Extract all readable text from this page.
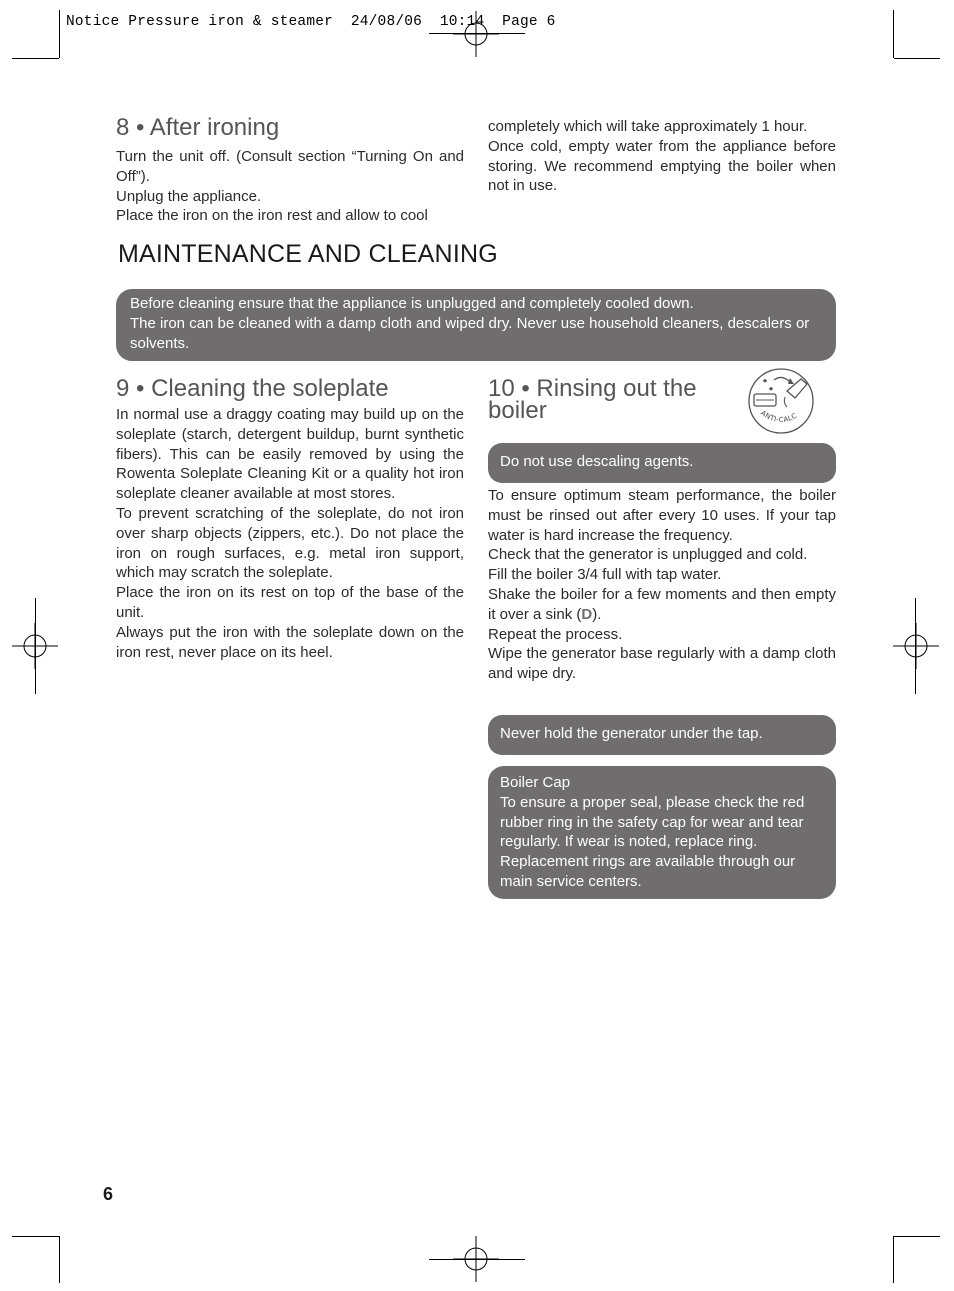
Notice Pressure iron & steamer  24/08/06  10:14  Page 6
8 • After ironing

Turn the unit off. (Consult section “Turning On and Off”).

Unplug the appliance.

Place the iron on the iron rest and allow to cool

completely which will take approximately 1 hour.

Once cold, empty water from the appliance before storing. We recommend emptying the boiler when not in use.

MAINTENANCE AND CLEANING

Before cleaning ensure that the appliance is unplugged and completely cooled down.

The iron can be cleaned with a damp cloth and wiped dry. Never use household cleaners, descalers or solvents.

9 • Cleaning the soleplate

In normal use a draggy coating may build up on the soleplate (starch, detergent buildup, burnt synthetic fibers). This can be easily removed by using the Rowenta Soleplate Cleaning Kit or a quality hot iron soleplate cleaner available at most stores.

To prevent scratching of the soleplate, do not iron over sharp objects (zippers, etc.). Do not place the iron on rough surfaces, e.g. metal iron support, which may scratch the soleplate.

Place the iron on its rest on top of the base of the unit.

Always put the iron with the soleplate down on the iron rest, never place on its heel.

10 • Rinsing out the
boiler	ANTI-CALC

Do not use descaling agents.

To ensure optimum steam performance, the boiler must be rinsed out after every 10 uses. If your tap water is hard increase the frequency.

Check that the generator is unplugged and cold.

Fill the boiler 3/4 full with tap water.

Shake the boiler for a few moments and then empty it over a sink (D).

Repeat the process.

Wipe the generator base regularly with a damp cloth and wipe dry.

Never hold the generator under the tap.

Boiler Cap

To ensure a proper seal, please check the red rubber ring in the safety cap for wear and tear regularly. If wear is noted, replace ring. Replacement rings are available through our main service centers.

6
